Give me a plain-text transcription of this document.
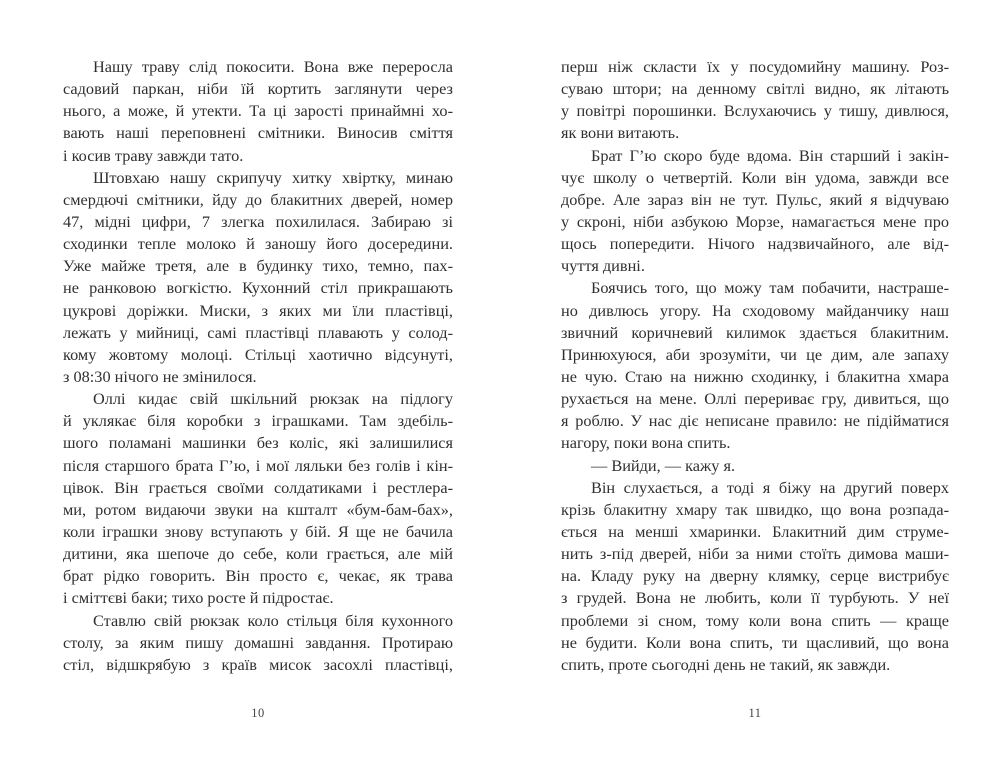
Нашу траву слід покосити. Вона вже переросла
садовий паркан, ніби їй кортить заглянути через
нього, а може, й утекти. Та ці зарості принаймні хо-
вають наші переповнені смітники. Виносив сміття
і косив траву завжди тато.

Штовхаю нашу скрипучу хитку хвіртку, минаю
смердючі смітники, йду до блакитних дверей, номер
47, мідні цифри, 7 злегка похилилася. Забираю зі
сходинки тепле молоко й заношу його досередини.
Уже майже третя, але в будинку тихо, темно, пах-
не ранковою вогкістю. Кухонний стіл прикрашають
цукрові доріжки. Миски, з яких ми їли пластівці,
лежать у мийниці, самі пластівці плавають у солод-
кому жовтому молоці. Стільці хаотично відсунуті,
з 08:30 нічого не змінилося.

Оллі кидає свій шкільний рюкзак на підлогу
й уклякає біля коробки з іграшками. Там здебіль-
шого поламані машинки без коліс, які залишилися
після старшого брата Г’ю, і мої ляльки без голів і кін-
цівок. Він грається своїми солдатиками і рестлера-
ми, ротом видаючи звуки на кшталт «бум-бам-бах»,
коли іграшки знову вступають у бій. Я ще не бачила
дитини, яка шепоче до себе, коли грається, але мій
брат рідко говорить. Він просто є, чекає, як трава
і сміттєві баки; тихо росте й підростає.

Ставлю свій рюкзак коло стільця біля кухонного
столу, за яким пишу домашні завдання. Протираю
стіл, відшкрябую з країв мисок засохлі пластівці,

10

перш ніж скласти їх у посудомийну машину. Роз-
суваю штори; на денному світлі видно, як літають
у повітрі порошинки. Вслухаючись у тишу, дивлюся,
як вони витають.

Брат Г’ю скоро буде вдома. Він старший і закін-
чує школу о четвертій. Коли він удома, завжди все
добре. Але зараз він не тут. Пульс, який я відчуваю
у скроні, ніби азбукою Морзе, намагається мене про
щось попередити. Нічого надзвичайного, але від-
чуття дивні.

Боячись того, що можу там побачити, настраше-
но дивлюсь угору. На сходовому майданчику наш
звичний коричневий килимок здається блакитним.
Принюхуюся, аби зрозуміти, чи це дим, але запаху
не чую. Стаю на нижню сходинку, і блакитна хмара
рухається на мене. Оллі перериває гру, дивиться, що
я роблю. У нас діє неписане правило: не підійматися
нагору, поки вона спить.

— Вийди, — кажу я.

Він слухається, а тоді я біжу на другий поверх
крізь блакитну хмару так швидко, що вона розпада-
ється на менші хмаринки. Блакитний дим струме-
нить з-під дверей, ніби за ними стоїть димова маши-
на. Кладу руку на дверну клямку, серце вистрибує
з грудей. Вона не любить, коли її турбують. У неї
проблеми зі сном, тому коли вона спить — краще
не будити. Коли вона спить, ти щасливий, що вона
спить, проте сьогодні день не такий, як завжди.

11
